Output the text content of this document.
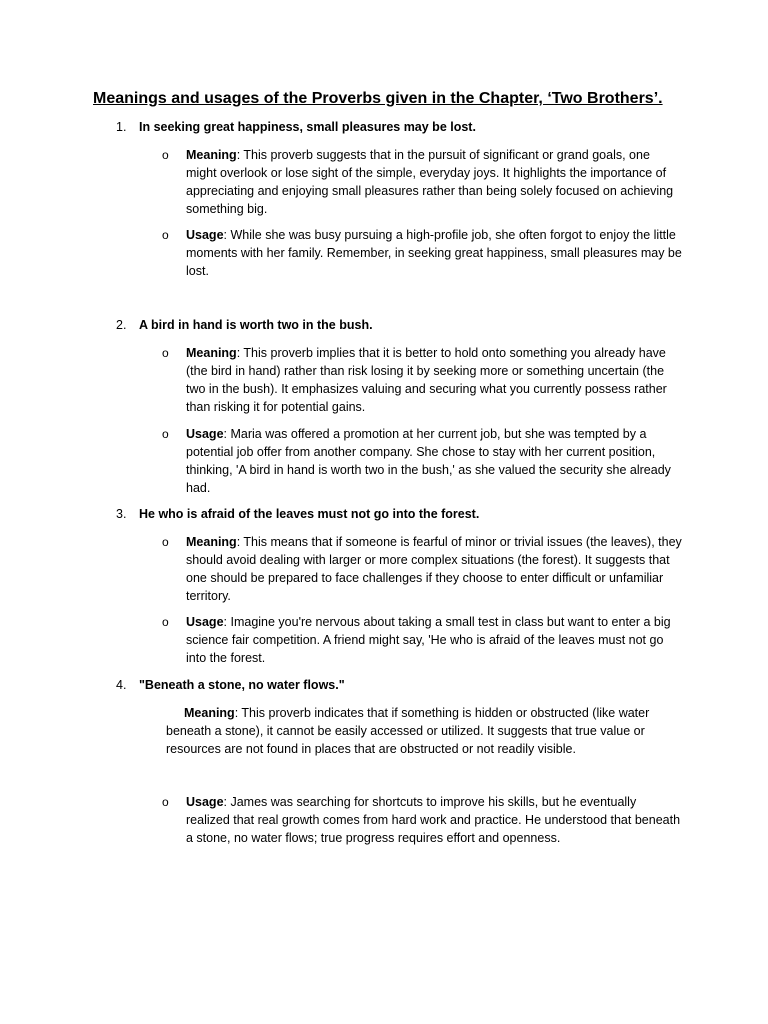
Meanings and usages of the Proverbs given in the Chapter, ‘Two Brothers’.
1. In seeking great happiness, small pleasures may be lost.
o Meaning: This proverb suggests that in the pursuit of significant or grand goals, one might overlook or lose sight of the simple, everyday joys. It highlights the importance of appreciating and enjoying small pleasures rather than being solely focused on achieving something big.
o Usage: While she was busy pursuing a high-profile job, she often forgot to enjoy the little moments with her family. Remember, in seeking great happiness, small pleasures may be lost.
2. A bird in hand is worth two in the bush.
o Meaning: This proverb implies that it is better to hold onto something you already have (the bird in hand) rather than risk losing it by seeking more or something uncertain (the two in the bush). It emphasizes valuing and securing what you currently possess rather than risking it for potential gains.
o Usage: Maria was offered a promotion at her current job, but she was tempted by a potential job offer from another company. She chose to stay with her current position, thinking, 'A bird in hand is worth two in the bush,' as she valued the security she already had.
3. He who is afraid of the leaves must not go into the forest.
o Meaning: This means that if someone is fearful of minor or trivial issues (the leaves), they should avoid dealing with larger or more complex situations (the forest). It suggests that one should be prepared to face challenges if they choose to enter difficult or unfamiliar territory.
o Usage: Imagine you're nervous about taking a small test in class but want to enter a big science fair competition. A friend might say, 'He who is afraid of the leaves must not go into the forest.
4. "Beneath a stone, no water flows."
Meaning: This proverb indicates that if something is hidden or obstructed (like water beneath a stone), it cannot be easily accessed or utilized. It suggests that true value or resources are not found in places that are obstructed or not readily visible.
o Usage: James was searching for shortcuts to improve his skills, but he eventually realized that real growth comes from hard work and practice. He understood that beneath a stone, no water flows; true progress requires effort and openness.
